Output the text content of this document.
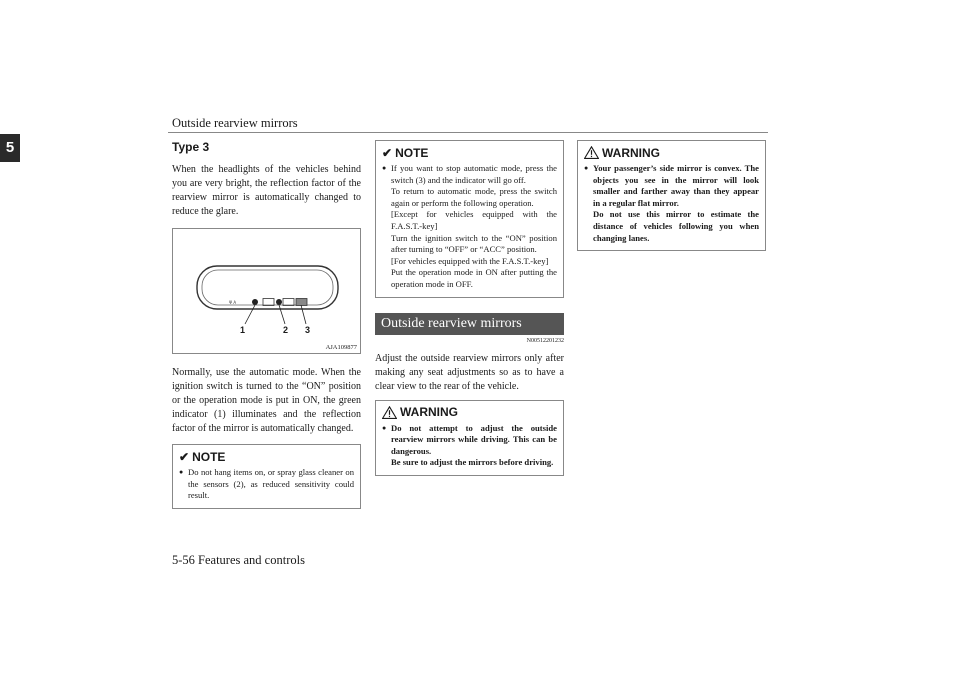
Outside rearview mirrors
5	Type 3
When the headlights of the vehicles behind you are very bright, the reflection factor of the rearview mirror is automatically changed to reduce the glare.
Ψ A
1	2 3
AJA109877
Normally, use the automatic mode. When the ignition switch is turned to the “ON” position or the operation mode is put in ON, the green indicator (1) illuminates and the reflection factor of the mirror is automatically changed.
✔ NOTE
● Do not hang items on, or spray glass cleaner on the sensors (2), as reduced sensitivity could result.
✔ NOTE
● If you want to stop automatic mode, press the switch (3) and the indicator will go off.
To return to automatic mode, press the switch again or perform the following operation.
[Except for vehicles equipped with the F.A.S.T.-key]
Turn the ignition switch to the “ON” position after turning to “OFF” or “ACC” position.
[For vehicles equipped with the F.A.S.T.-key]
Put the operation mode in ON after putting the operation mode in OFF.
Outside rearview mirrors
N00512201232
Adjust the outside rearview mirrors only after making any seat adjustments so as to have a clear view to the rear of the vehicle.
WARNING
● Do not attempt to adjust the outside rearview mirrors while driving. This can be dangerous.
Be sure to adjust the mirrors before driving.
WARNING
● Your passenger’s side mirror is convex. The objects you see in the mirror will look smaller and farther away than they appear in a regular flat mirror.
Do not use this mirror to estimate the distance of vehicles following you when changing lanes.
5-56 Features and controls
